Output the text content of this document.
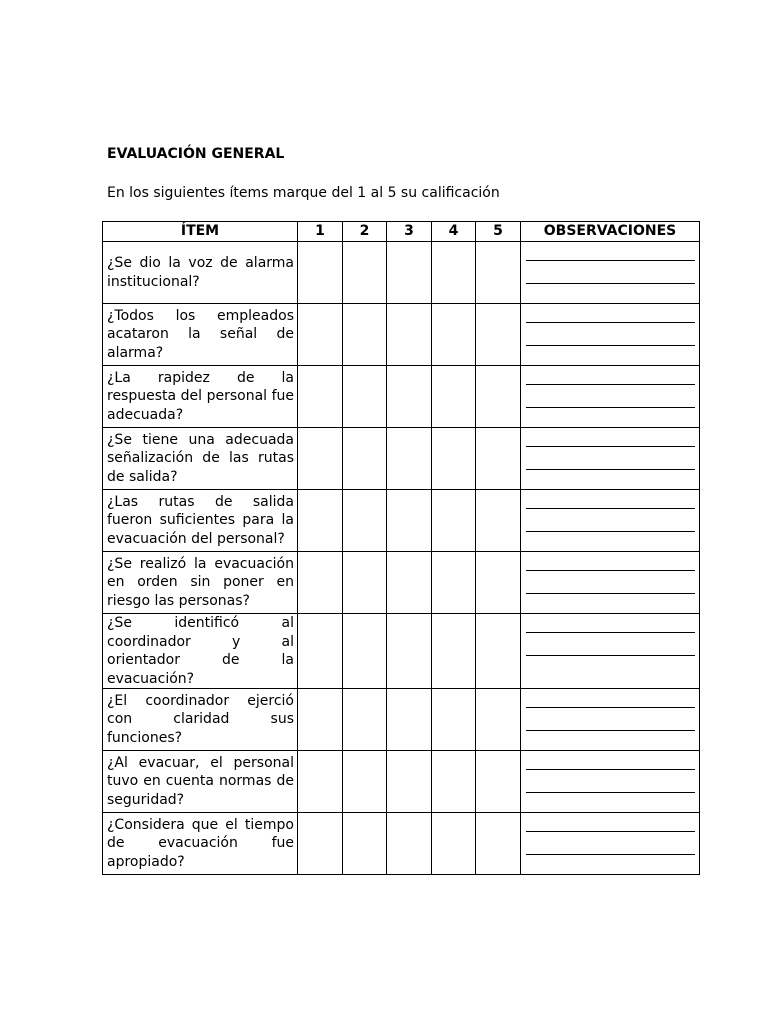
EVALUACIÓN GENERAL
En los siguientes ítems marque del 1 al 5 su calificación
ÍTEM	1	2	3	4	5	OBSERVACIONES

¿Se dio la voz de alarma institucional?						

¿Todos los empleados acataron la señal de alarma?						

¿La rapidez de la respuesta del personal fue adecuada?						

¿Se tiene una adecuada señalización de las rutas de salida?						

¿Las rutas de salida fueron suficientes para la evacuación del personal?						

¿Se realizó la evacuación en orden sin poner en riesgo las personas?						

¿Se identificó al coordinador y al orientador de la evacuación?						

¿El coordinador ejerció con claridad sus funciones?						

¿Al evacuar, el personal tuvo en cuenta normas de seguridad?						

¿Considera que el tiempo de evacuación fue apropiado?						
